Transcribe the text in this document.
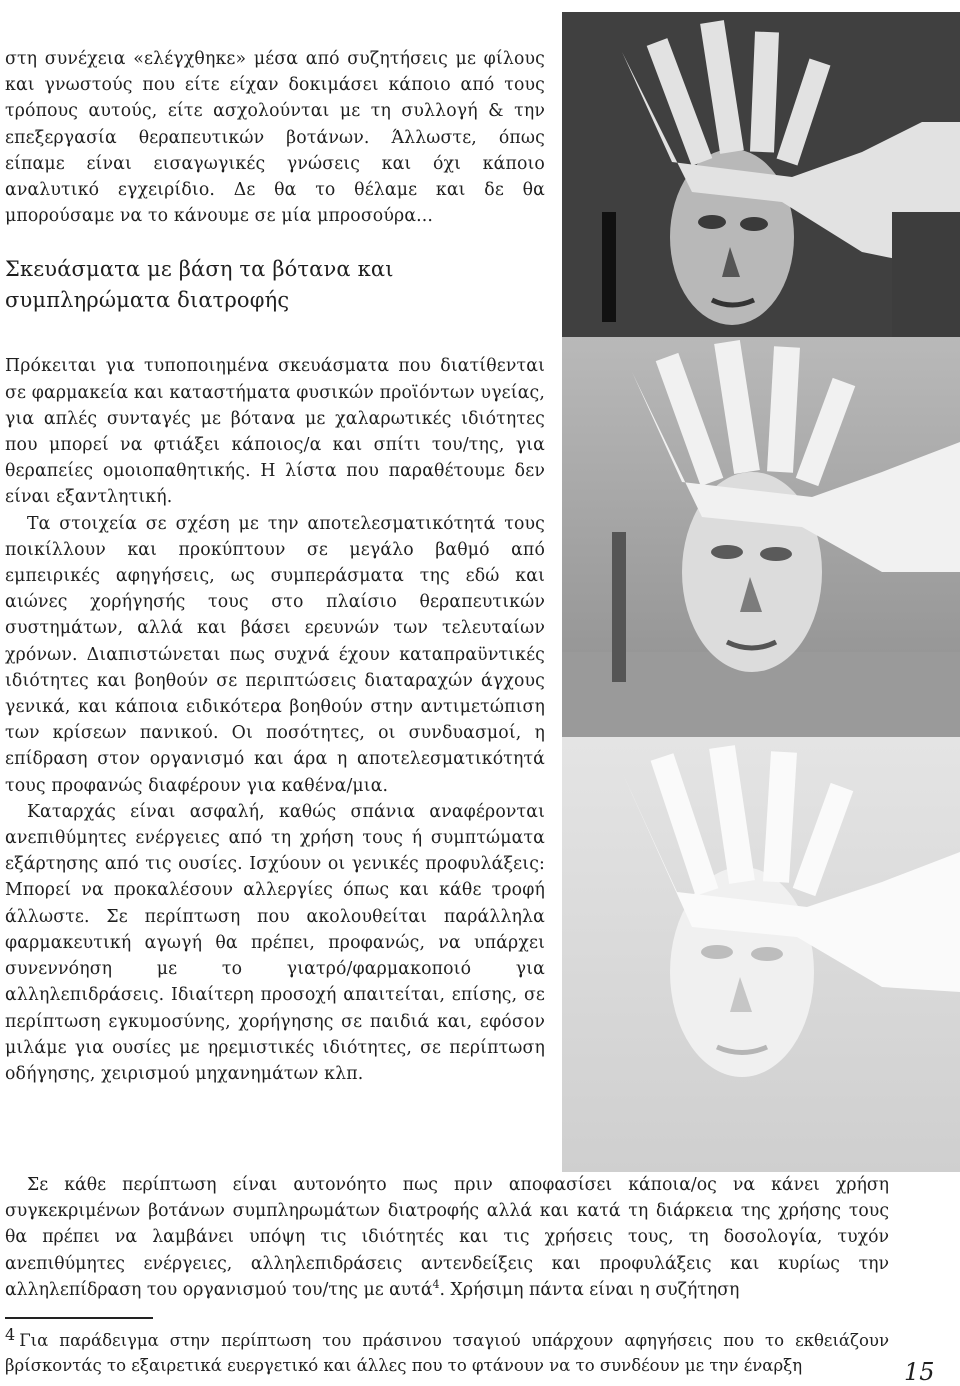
στη συνέχεια «ελέγχθηκε» μέσα από συζητήσεις με φίλους και γνωστούς που είτε είχαν δοκιμάσει κάποιο από τους τρόπους αυτούς, είτε ασχολούνται με τη συλλογή & την επεξεργασία θεραπευτικών βοτάνων. Άλλωστε, όπως είπαμε είναι εισαγωγικές γνώσεις και όχι κάποιο αναλυτικό εγχειρίδιο. Δε θα το θέλαμε και δε θα μπορούσαμε να το κάνουμε σε μία μπροσούρα...

Σκευάσματα με βάση τα βότανα και συμπληρώματα διατροφής

Πρόκειται για τυποποιημένα σκευάσματα που διατίθενται σε φαρμακεία και καταστήματα φυσικών προϊόντων υγείας, για απλές συνταγές με βότανα με χαλαρωτικές ιδιότητες που μπορεί να φτιάξει κάποιος/α και σπίτι του/της, για θεραπείες ομοιοπαθητικής. Η λίστα που παραθέτουμε δεν είναι εξαντλητική.

Τα στοιχεία σε σχέση με την αποτελεσματικότητά τους ποικίλλουν και προκύπτουν σε μεγάλο βαθμό από εμπειρικές αφηγήσεις, ως συμπεράσματα της εδώ και αιώνες χορήγησής τους στο πλαίσιο θεραπευτικών συστημάτων, αλλά και βάσει ερευνών των τελευταίων χρόνων. Διαπιστώνεται πως συχνά έχουν καταπραϋντικές ιδιότητες και βοηθούν σε περιπτώσεις διαταραχών άγχους γενικά, και κάποια ειδικότερα βοηθούν στην αντιμετώπιση των κρίσεων πανικού. Οι ποσότητες, οι συνδυασμοί, η επίδραση στον οργανισμό και άρα η αποτελεσματικότητά τους προφανώς διαφέρουν για καθένα/μια.

Καταρχάς είναι ασφαλή, καθώς σπάνια αναφέρονται ανεπιθύμητες ενέργειες από τη χρήση τους ή συμπτώματα εξάρτησης από τις ουσίες. Ισχύουν οι γενικές προφυλάξεις: Μπορεί να προκαλέσουν αλλεργίες όπως και κάθε τροφή άλλωστε. Σε περίπτωση που ακολουθείται παράλληλα φαρμακευτική αγωγή θα πρέπει, προφανώς, να υπάρχει συνεννόηση με το γιατρό/φαρμακοποιό για αλληλεπιδράσεις. Ιδιαίτερη προσοχή απαιτείται, επίσης, σε περίπτωση εγκυμοσύνης, χορήγησης σε παιδιά και, εφόσον μιλάμε για ουσίες με ηρεμιστικές ιδιότητες, σε περίπτωση οδήγησης, χειρισμού μηχανημάτων κλπ.

Σε κάθε περίπτωση είναι αυτονόητο πως πριν αποφασίσει κάποια/ος να κάνει χρήση συγκεκριμένων βοτάνων συμπληρωμάτων διατροφής αλλά και κατά τη διάρκεια της χρήσης τους θα πρέπει να λαμβάνει υπόψη τις ιδιότητές και τις χρήσεις τους, τη δοσολογία, τυχόν ανεπιθύμητες ενέργειες, αλληλεπιδράσεις αντενδείξεις και προφυλάξεις και κυρίως την αλληλεπίδραση του οργανισμού του/της με αυτά$^4$. Χρήσιμη πάντα είναι η συζήτηση

4 Για παράδειγμα στην περίπτωση του πράσινου τσαγιού υπάρχουν αφηγήσεις που το εκθειάζουν βρίσκοντάς το εξαιρετικά ευεργετικό και άλλες που το φτάνουν να το συνδέουν με την έναρξη	15
